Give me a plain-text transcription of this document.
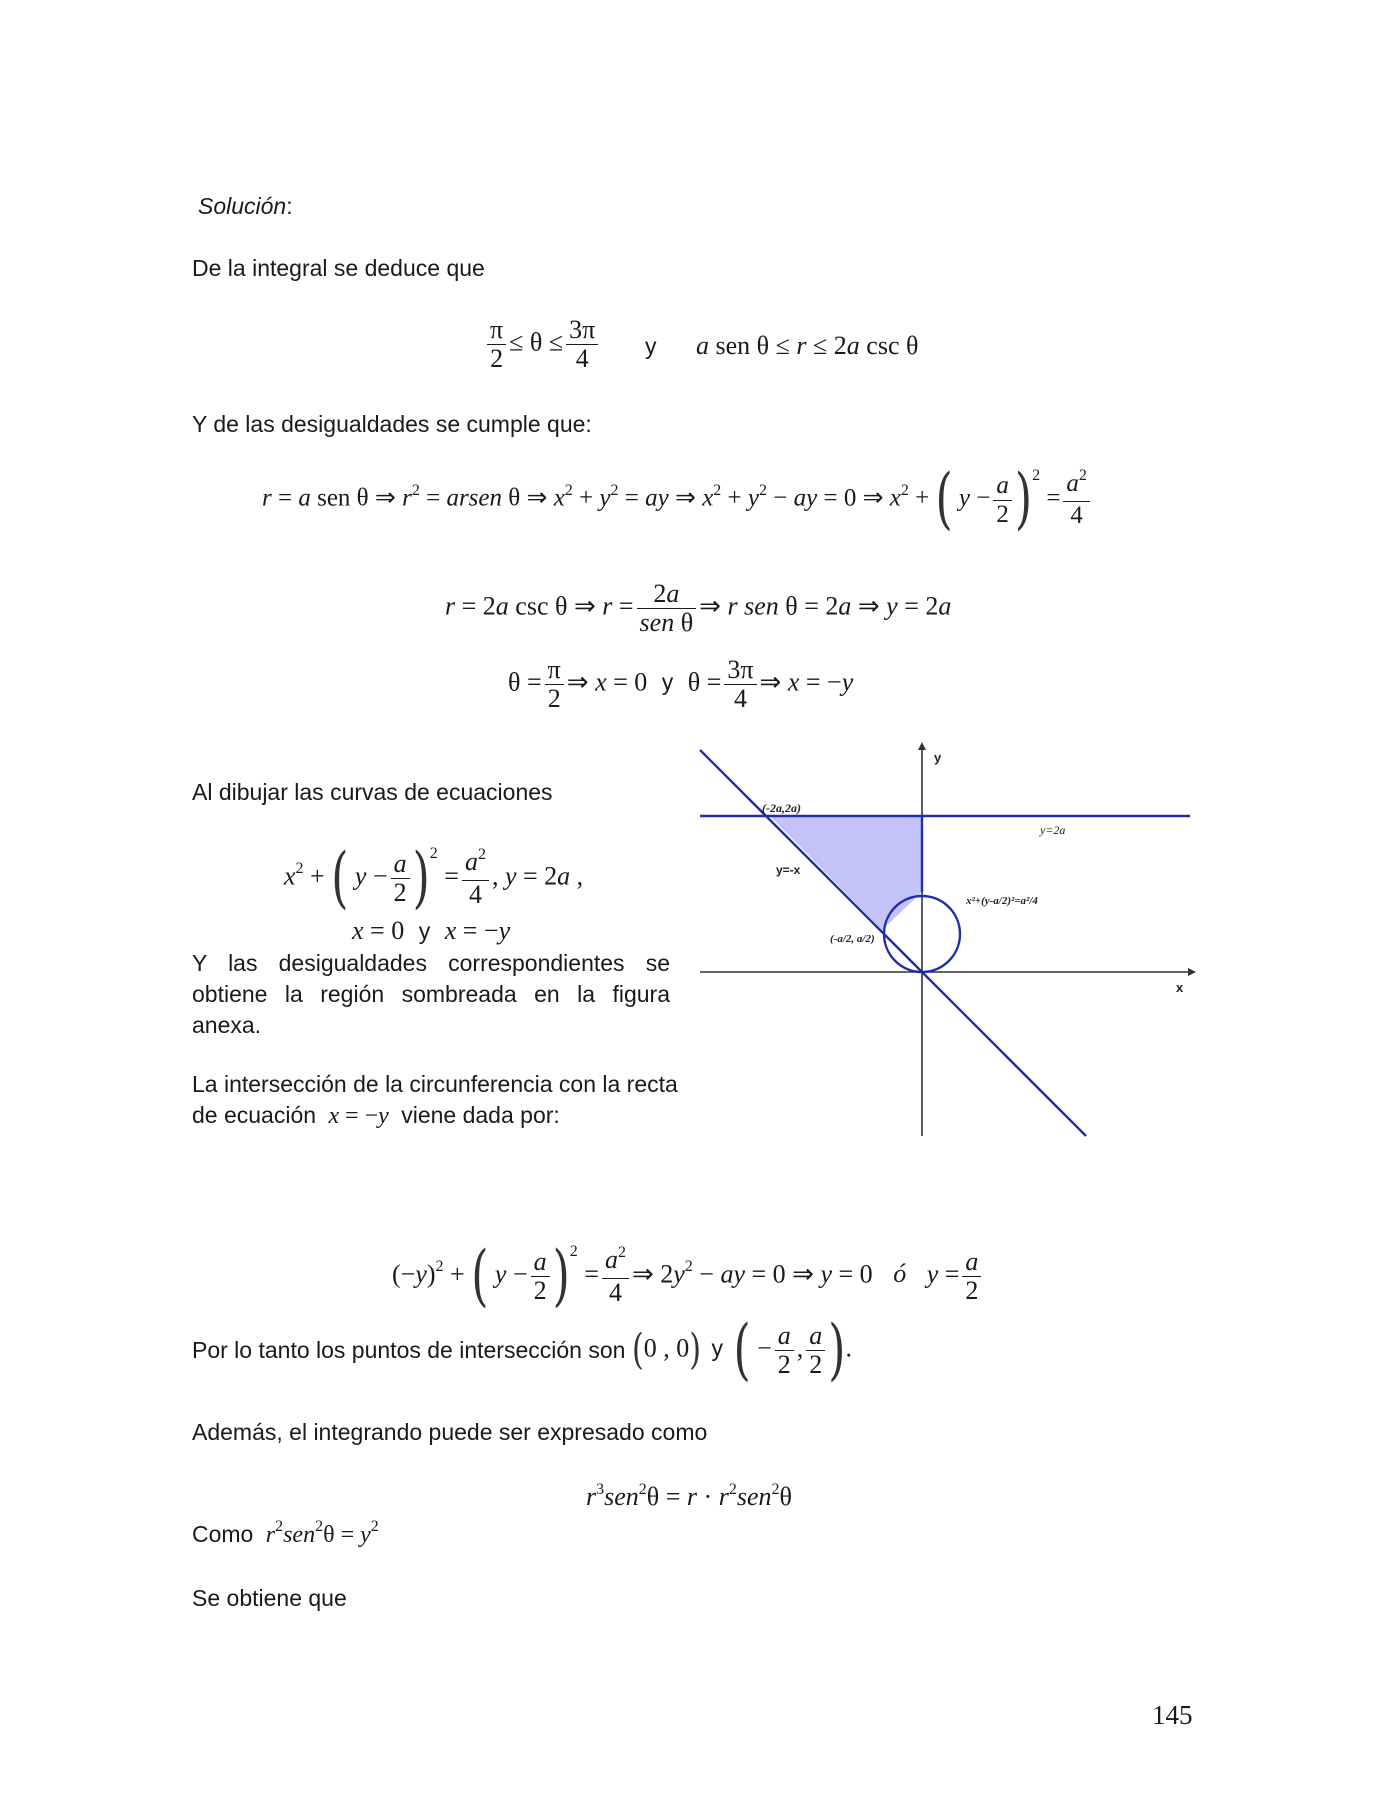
Solución:
De la integral se deduce que
$\frac{\pi}{2} \le \theta \le \frac{3\pi}{4}$ y a sen θ ≤ r ≤ 2a csc θ
Y de las desigualdades se cumple que:
r = a sen θ ⇒ $r^2$ = arsen θ ⇒ $x^2 + y^2$ = ay ⇒ $x^2 + y^2$ − ay = 0 ⇒ $x^2$ + ( $y - \frac{a}{2} )^2 = \frac{a^2}{4}$
r = 2a csc θ ⇒ $r = \frac{2a}{\text{sen θ}}$ ⇒ r sen θ = 2a ⇒ y = 2a
$\theta = \frac{\pi}{2}$ ⇒ x = 0 y $\theta = \frac{3\pi}{4}$ ⇒ x = −y
Al dibujar las curvas de ecuaciones
$x^2$ + ( $y - \frac{a}{2} )^2 = \frac{a^2}{4}$ , y = 2a ,
x = 0 y x = −y
Y las desigualdades correspondientes se obtiene la región sombreada en la figura anexa.
La intersección de la circunferencia con la recta
de ecuación x = −y viene dada por:
y
x
(-2a,2a)
y=2a
y=-x
x²+(y-a/2)²=a²/4
(-a/2, a/2)
$(-y)^2$ + ( $y - \frac{a}{2} )^2 = \frac{a^2}{4}$ ⇒ $2y^2$ − ay = 0 ⇒ y = 0 ó $y = \frac{a}{2}$
Por lo tanto los puntos de intersección son (0 , 0) y ( − $\frac{a}{2}$ , $\frac{a}{2}$ ).
Además, el integrando puede ser expresado como
$r^3sen^2\theta = r \cdot r^2sen^2\theta$
Como $r^2sen^2\theta = y^2$
Se obtiene que
145
